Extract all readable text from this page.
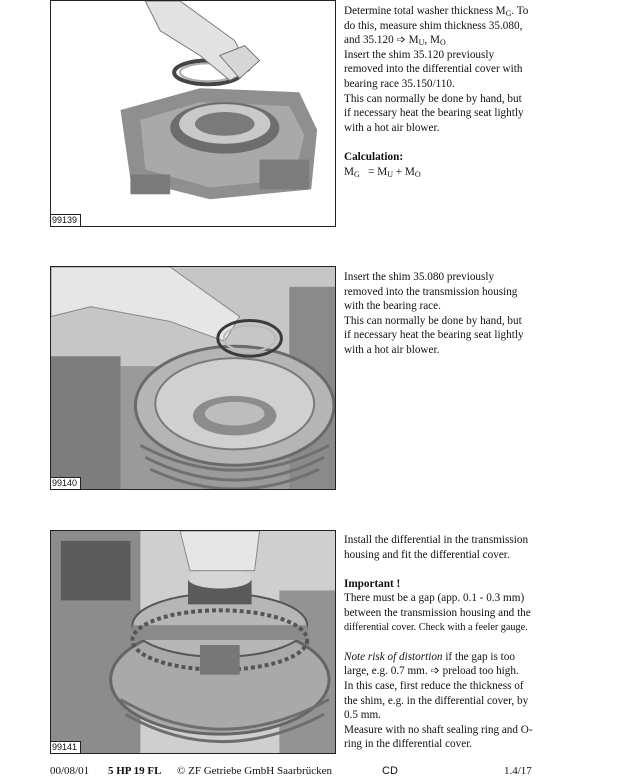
99139

Determine total washer thickness $M_G$. To

do this, measure shim thickness 35.080,

and 35.120 ➩ $M_U$, $M_O$

Insert the shim 35.120 previously

removed into the differential cover with

bearing race 35.150/110.

This can normally be done by hand, but

if necessary heat the bearing seat lightly

with a hot air blower.

Calculation:

$M_G = M_U + M_O$

99140

Insert the shim 35.080 previously

removed into the transmission housing

with the bearing race.

This can normally be done by hand, but

if necessary heat the bearing seat lightly

with a hot air blower.

99141

Install the differential in the transmission

housing and fit the differential cover.

Important !

There must be a gap (app. 0.1 - 0.3 mm)

between the transmission housing and the

differential cover. Check with a feeler gauge.

Note risk of distortion if the gap is too

large, e.g. 0.7 mm. ➩ preload too high.

In this case, first reduce the thickness of

the shim, e.g. in the differential cover, by

0.5 mm.

Measure with no shaft sealing ring and O-

ring in the differential cover.

00/08/01 5 HP 19 FL © ZF Getriebe GmbH Saarbrücken	CD	1.4/17
